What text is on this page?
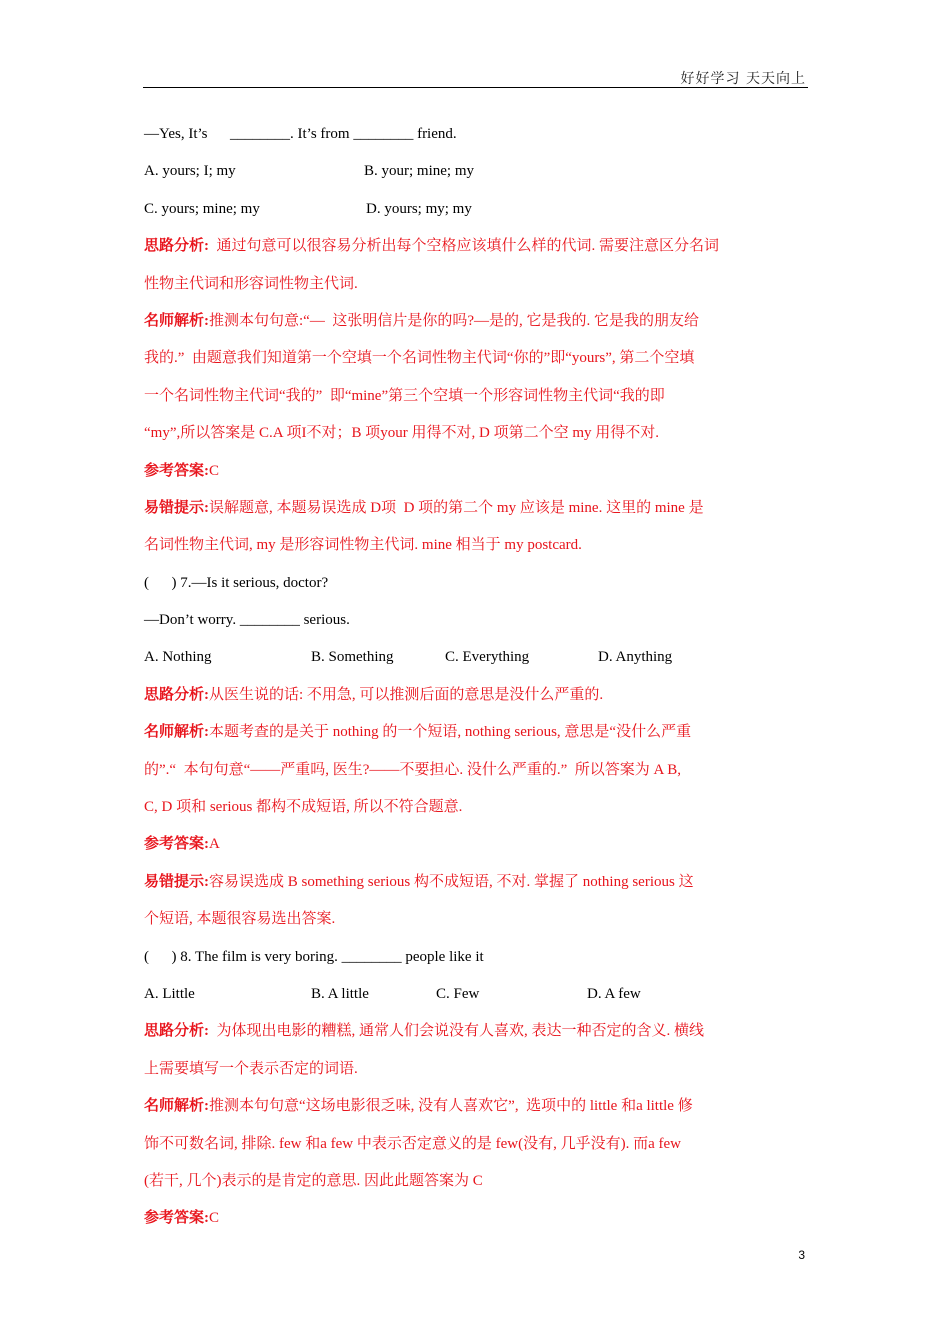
好好学习 天天向上
—Yes, It’s      ________. It’s from ________ friend.
A. yours; I; my	B. your; mine; my
C. yours; mine; my	D. yours; my; my
思路分析:  通过句意可以很容易分析出每个空格应该填什么样的代词. 需要注意区分名词
性物主代词和形容词性物主代词.
名师解析:推测本句句意:“—  这张明信片是你的吗?—是的, 它是我的. 它是我的朋友给
我的.”  由题意我们知道第一个空填一个名词性物主代词“你的”即“yours”, 第二个空填
一个名词性物主代词“我的”  即“mine”第三个空填一个形容词性物主代词“我的即
“my”,所以答案是 C.A 项I不对；B 项your 用得不对, D 项第二个空 my 用得不对.
参考答案:C
易错提示:误解题意, 本题易误选成 D项  D 项的第二个 my 应该是 mine. 这里的 mine 是
名词性物主代词, my 是形容词性物主代词. mine 相当于 my postcard.
(      ) 7.—Is it serious, doctor?
—Don’t worry. ________ serious.
A. Nothing	B. Something	C. Everything	D. Anything
思路分析:从医生说的话: 不用急, 可以推测后面的意思是没什么严重的.
名师解析:本题考查的是关于 nothing 的一个短语, nothing serious, 意思是“没什么严重
的”.“  本句句意“——严重吗, 医生?——不要担心. 没什么严重的.”  所以答案为 A B,
C, D 项和 serious 都构不成短语, 所以不符合题意.
参考答案:A
易错提示:容易误选成 B something serious 构不成短语, 不对. 掌握了 nothing serious 这
个短语, 本题很容易选出答案.
(      ) 8. The film is very boring. ________ people like it
A. Little	B. A little	C. Few	D. A few
思路分析:  为体现出电影的糟糕, 通常人们会说没有人喜欢, 表达一种否定的含义. 横线
上需要填写一个表示否定的词语.
名师解析:推测本句句意“这场电影很乏味, 没有人喜欢它”,  选项中的 little 和a little 修
饰不可数名词, 排除. few 和a few 中表示否定意义的是 few(没有, 几乎没有). 而a few
(若干, 几个)表示的是肯定的意思. 因此此题答案为 C
参考答案:C
3
